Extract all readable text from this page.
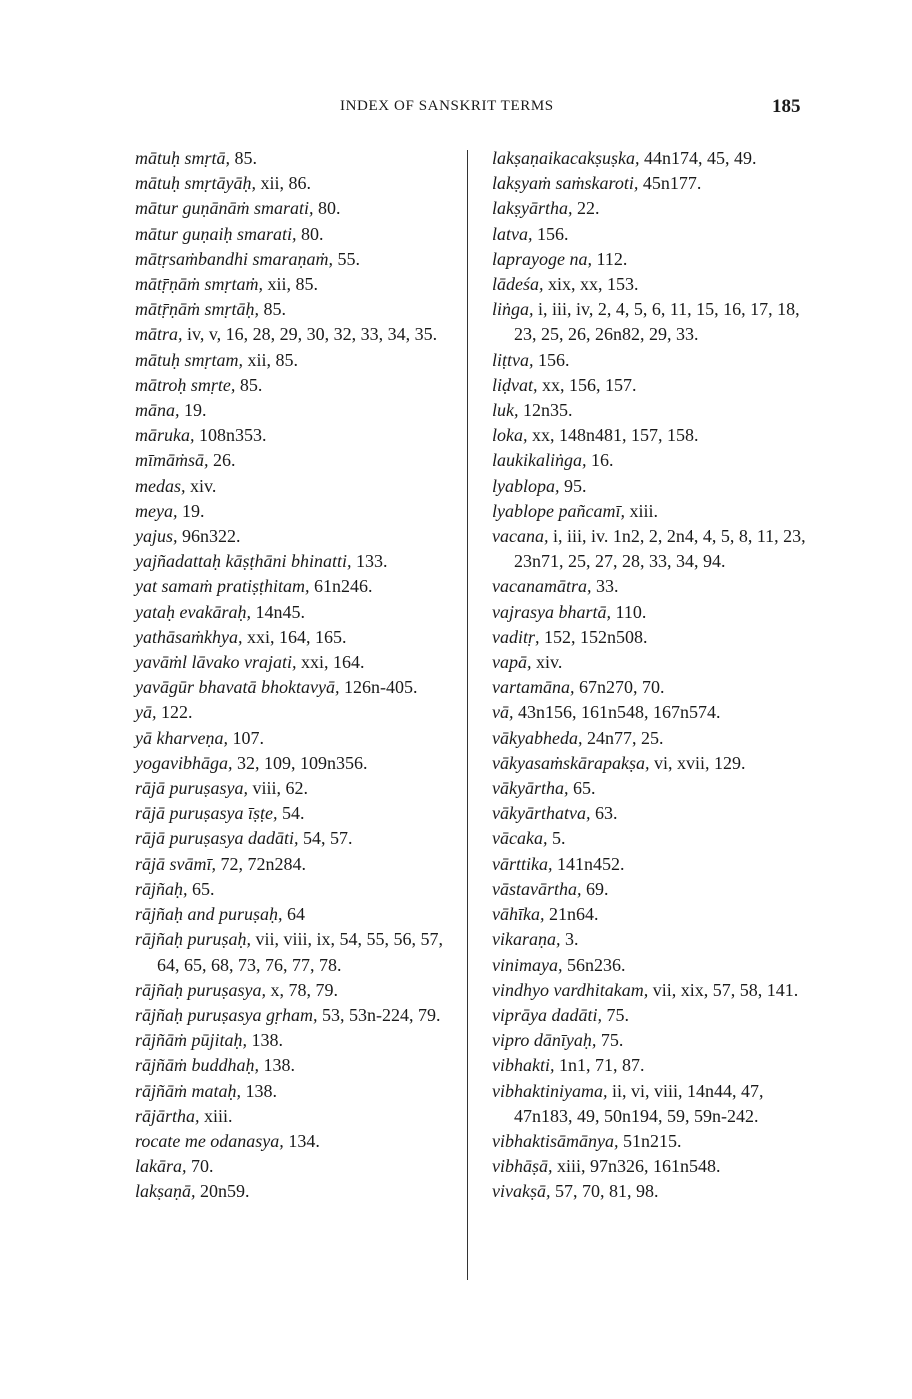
INDEX OF SANSKRIT TERMS	185
mātuḥ smṛtā, 85.
mātuḥ smṛtāyāḥ, xii, 86.
mātur guṇānāṁ smarati, 80.
mātur guṇaiḥ smarati, 80.
mātṛsaṁbandhi smaraṇaṁ, 55.
mātṝṇāṁ smṛtaṁ, xii, 85.
mātṝṇāṁ smṛtāḥ, 85.
mātra, iv, v, 16, 28, 29, 30, 32, 33, 34, 35.
mātuḥ smṛtam, xii, 85.
mātroḥ smṛte, 85.
māna, 19.
māruka, 108n353.
mīmāṁsā, 26.
medas, xiv.
meya, 19.
yajus, 96n322.
yajñadattaḥ kāṣṭhāni bhinatti, 133.
yat samaṁ pratiṣṭhitam, 61n246.
yataḥ evakāraḥ, 14n45.
yathāsaṁkhya, xxi, 164, 165.
yavāṁl lāvako vrajati, xxi, 164.
yavāgūr bhavatā bhoktavyā, 126n-405.
yā, 122.
yā kharveṇa, 107.
yogavibhāga, 32, 109, 109n356.
rājā puruṣasya, viii, 62.
rājā puruṣasya īṣṭe, 54.
rājā puruṣasya dadāti, 54, 57.
rājā svāmī, 72, 72n284.
rājñaḥ, 65.
rājñaḥ and puruṣaḥ, 64
rājñaḥ puruṣaḥ, vii, viii, ix, 54, 55, 56, 57, 64, 65, 68, 73, 76, 77, 78.
rājñaḥ puruṣasya, x, 78, 79.
rājñaḥ puruṣasya gṛham, 53, 53n-224, 79.
rājñāṁ pūjitaḥ, 138.
rājñāṁ buddhaḥ, 138.
rājñāṁ mataḥ, 138.
rājārtha, xiii.
rocate me odanasya, 134.
lakāra, 70.
lakṣaṇā, 20n59.
lakṣaṇaikacakṣuṣka, 44n174, 45, 49.
lakṣyaṁ saṁskaroti, 45n177.
lakṣyārtha, 22.
latva, 156.
laprayoge na, 112.
lādeśa, xix, xx, 153.
liṅga, i, iii, iv, 2, 4, 5, 6, 11, 15, 16, 17, 18, 23, 25, 26, 26n82, 29, 33.
liṭtva, 156.
liḍvat, xx, 156, 157.
luk, 12n35.
loka, xx, 148n481, 157, 158.
laukikaliṅga, 16.
lyablopa, 95.
lyablope pañcamī, xiii.
vacana, i, iii, iv. 1n2, 2, 2n4, 4, 5, 8, 11, 23, 23n71, 25, 27, 28, 33, 34, 94.
vacanamātra, 33.
vajrasya bhartā, 110.
vaditṛ, 152, 152n508.
vapā, xiv.
vartamāna, 67n270, 70.
vā, 43n156, 161n548, 167n574.
vākyabheda, 24n77, 25.
vākyasaṁskārapakṣa, vi, xvii, 129.
vākyārtha, 65.
vākyārthatva, 63.
vācaka, 5.
vārttika, 141n452.
vāstavārtha, 69.
vāhīka, 21n64.
vikaraṇa, 3.
vinimaya, 56n236.
vindhyo vardhitakam, vii, xix, 57, 58, 141.
viprāya dadāti, 75.
vipro dānīyaḥ, 75.
vibhakti, 1n1, 71, 87.
vibhaktiniyama, ii, vi, viii, 14n44, 47, 47n183, 49, 50n194, 59, 59n-242.
vibhaktisāmānya, 51n215.
vibhāṣā, xiii, 97n326, 161n548.
vivakṣā, 57, 70, 81, 98.
